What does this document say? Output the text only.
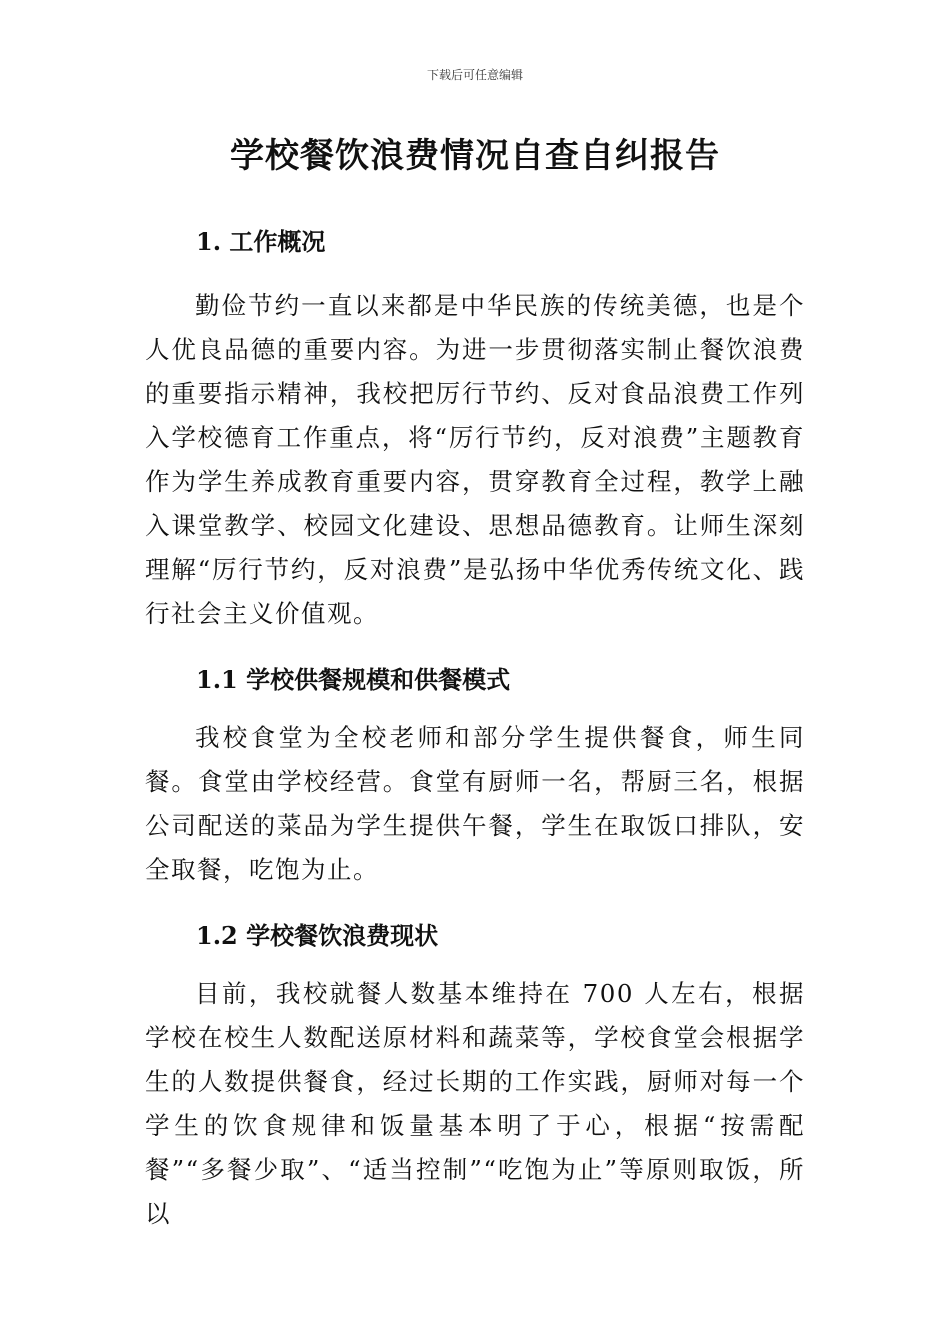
下载后可任意编辑
学校餐饮浪费情况自查自纠报告
1. 工作概况

勤俭节约一直以来都是中华民族的传统美德，也是个人优良品德的重要内容。为进一步贯彻落实制止餐饮浪费的重要指示精神，我校把厉行节约、反对食品浪费工作列入学校德育工作重点，将“厉行节约，反对浪费”主题教育作为学生养成教育重要内容，贯穿教育全过程，教学上融入课堂教学、校园文化建设、思想品德教育。让师生深刻理解“厉行节约，反对浪费”是弘扬中华优秀传统文化、践行社会主义价值观。

1.1 学校供餐规模和供餐模式

我校食堂为全校老师和部分学生提供餐食，师生同餐。食堂由学校经营。食堂有厨师一名，帮厨三名，根据公司配送的菜品为学生提供午餐，学生在取饭口排队，安全取餐，吃饱为止。

1.2 学校餐饮浪费现状

目前，我校就餐人数基本维持在 700 人左右，根据学校在校生人数配送原材料和蔬菜等，学校食堂会根据学生的人数提供餐食，经过长期的工作实践，厨师对每一个学生的饮食规律和饭量基本明了于心，根据“按需配餐”“多餐少取”、“适当控制”“吃饱为止”等原则取饭，所以
